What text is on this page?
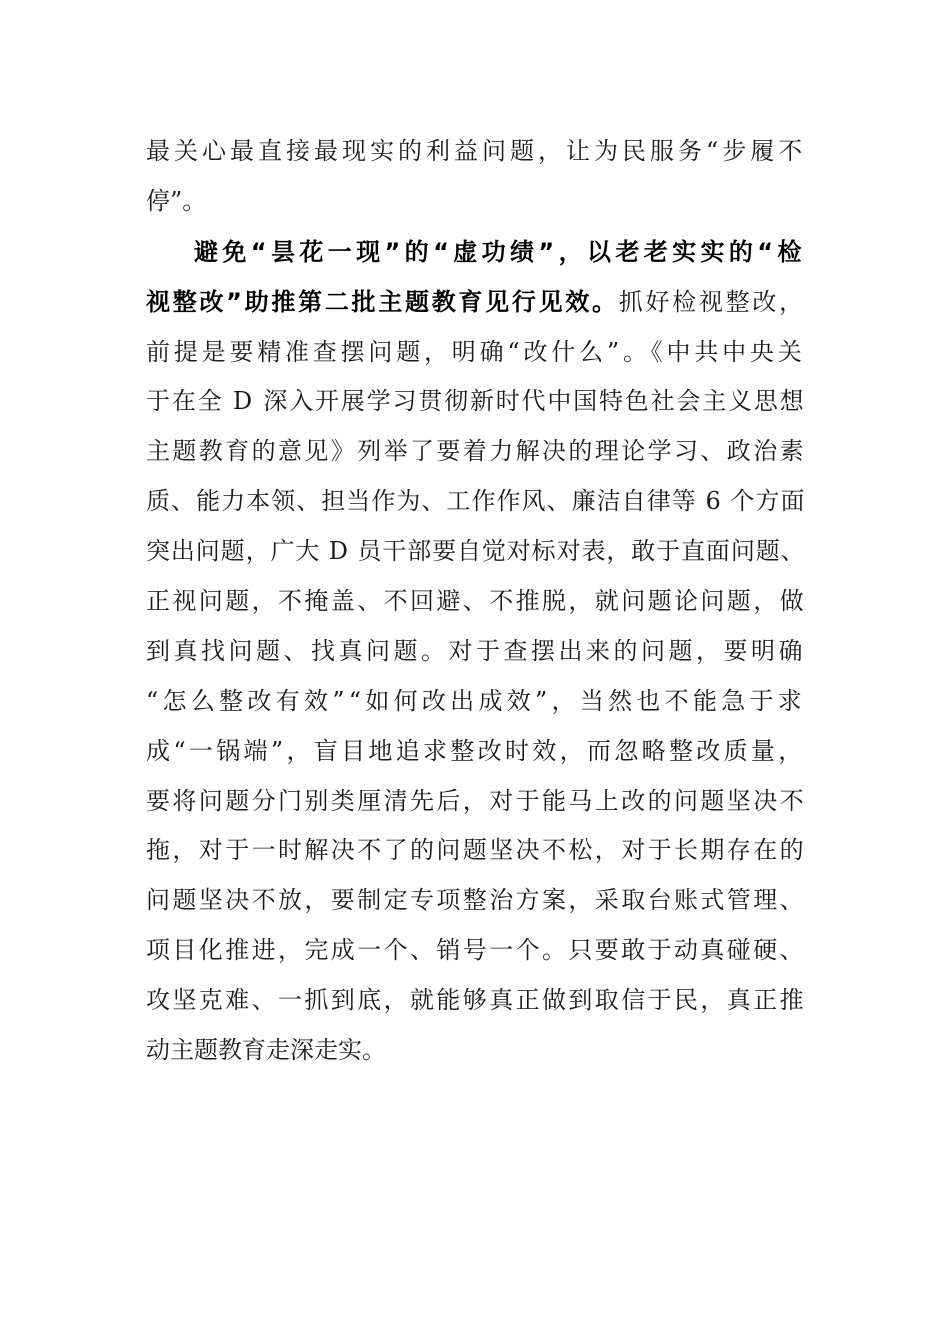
最关心最直接最现实的利益问题，让为民服务“步履不
停”。
避免“昙花一现”的“虚功绩”，以老老实实的“检
视整改”助推第二批主题教育见行见效。抓好检视整改，
前提是要精准查摆问题，明确“改什么”。《中共中央关
于在全 D 深入开展学习贯彻新时代中国特色社会主义思想
主题教育的意见》列举了要着力解决的理论学习、政治素
质、能力本领、担当作为、工作作风、廉洁自律等 6 个方面
突出问题，广大 D 员干部要自觉对标对表，敢于直面问题、
正视问题，不掩盖、不回避、不推脱，就问题论问题，做
到真找问题、找真问题。对于查摆出来的问题，要明确
“怎么整改有效”“如何改出成效”，当然也不能急于求
成“一锅端”，盲目地追求整改时效，而忽略整改质量，
要将问题分门别类厘清先后，对于能马上改的问题坚决不
拖，对于一时解决不了的问题坚决不松，对于长期存在的
问题坚决不放，要制定专项整治方案，采取台账式管理、
项目化推进，完成一个、销号一个。只要敢于动真碰硬、
攻坚克难、一抓到底，就能够真正做到取信于民，真正推
动主题教育走深走实。
